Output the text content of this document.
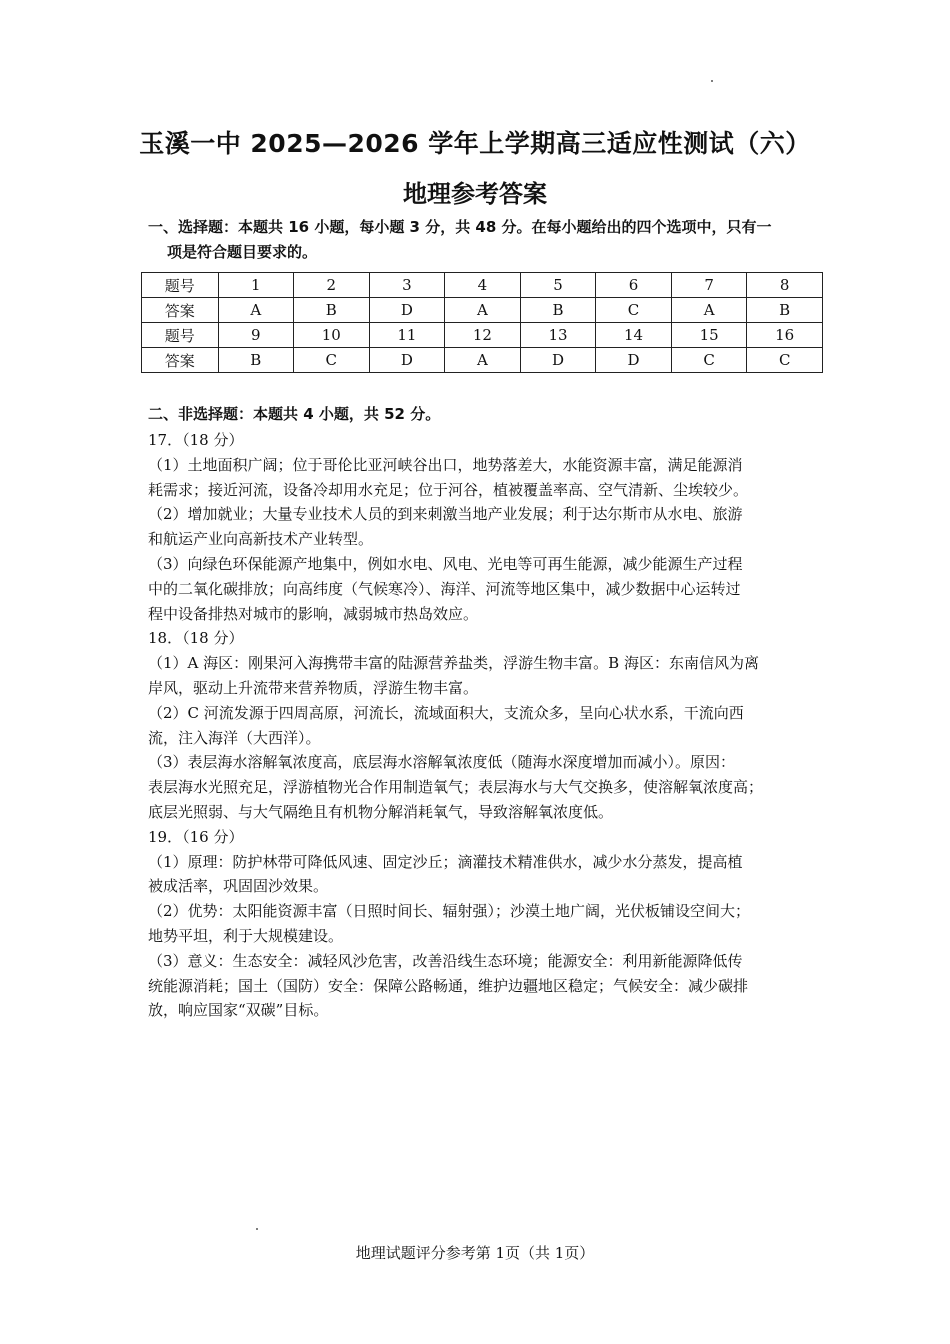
玉溪一中 2025—2026 学年上学期高三适应性测试（六）
地理参考答案
一、选择题：本题共 16 小题，每小题 3 分，共 48 分。在每小题给出的四个选项中，只有一
项是符合题目要求的。
题号	1	2	3	4	5	6	7	8
答案	A	B	D	A	B	C	A	B
题号	9	10	11	12	13	14	15	16
答案	B	C	D	A	D	D	C	C
二、非选择题：本题共 4 小题，共 52 分。
17．（18 分）
（1）土地面积广阔；位于哥伦比亚河峡谷出口，地势落差大，水能资源丰富，满足能源消
耗需求；接近河流，设备冷却用水充足；位于河谷，植被覆盖率高、空气清新、尘埃较少。
（2）增加就业；大量专业技术人员的到来刺激当地产业发展；利于达尔斯市从水电、旅游
和航运产业向高新技术产业转型。
（3）向绿色环保能源产地集中，例如水电、风电、光电等可再生能源，减少能源生产过程
中的二氧化碳排放；向高纬度（气候寒冷）、海洋、河流等地区集中，减少数据中心运转过
程中设备排热对城市的影响，减弱城市热岛效应。
18．（18 分）
（1）A 海区：刚果河入海携带丰富的陆源营养盐类，浮游生物丰富。B 海区：东南信风为离
岸风，驱动上升流带来营养物质，浮游生物丰富。
（2）C 河流发源于四周高原，河流长，流域面积大，支流众多，呈向心状水系，干流向西
流，注入海洋（大西洋）。
（3）表层海水溶解氧浓度高，底层海水溶解氧浓度低（随海水深度增加而减小）。原因：
表层海水光照充足，浮游植物光合作用制造氧气；表层海水与大气交换多，使溶解氧浓度高；
底层光照弱、与大气隔绝且有机物分解消耗氧气，导致溶解氧浓度低。
19．（16 分）
（1）原理：防护林带可降低风速、固定沙丘；滴灌技术精准供水，减少水分蒸发，提高植
被成活率，巩固固沙效果。
（2）优势：太阳能资源丰富（日照时间长、辐射强）；沙漠土地广阔，光伏板铺设空间大；
地势平坦，利于大规模建设。
（3）意义：生态安全：减轻风沙危害，改善沿线生态环境；能源安全：利用新能源降低传
统能源消耗；国土（国防）安全：保障公路畅通，维护边疆地区稳定；气候安全：减少碳排
放，响应国家“双碳”目标。
地理试题评分参考第 1页（共 1页）
